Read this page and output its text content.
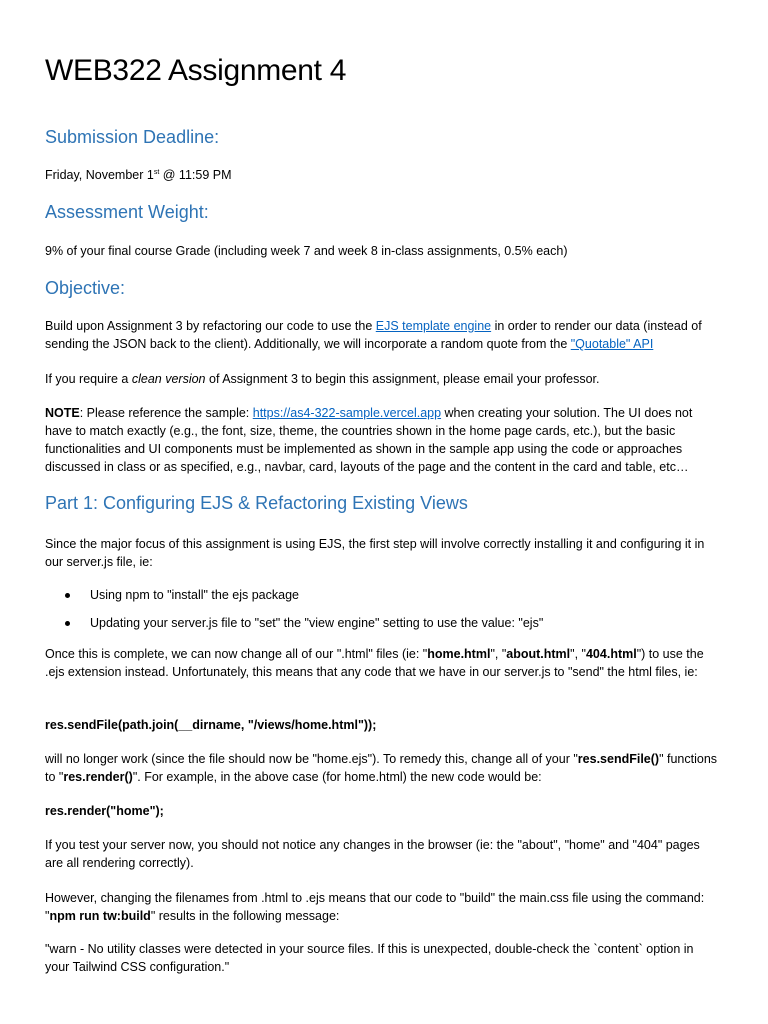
WEB322 Assignment 4
Submission Deadline:

Friday, November 1st @ 11:59 PM

Assessment Weight:

9% of your final course Grade (including week 7 and week 8 in-class assignments, 0.5% each)

Objective:

Build upon Assignment 3 by refactoring our code to use the EJS template engine in order to render our data (instead of sending the JSON back to the client). Additionally, we will incorporate a random quote from the "Quotable" API

If you require a clean version of Assignment 3 to begin this assignment, please email your professor.

NOTE: Please reference the sample: https://as4-322-sample.vercel.app when creating your solution. The UI does not have to match exactly (e.g., the font, size, theme, the countries shown in the home page cards, etc.), but the basic functionalities and UI components must be implemented as shown in the sample app using the code or approaches discussed in class or as specified, e.g., navbar, card, layouts of the page and the content in the card and table, etc…

Part 1: Configuring EJS & Refactoring Existing Views

Since the major focus of this assignment is using EJS, the first step will involve correctly installing it and configuring it in our server.js file, ie:

Using npm to "install" the ejs package
Updating your server.js file to "set" the "view engine" setting to use the value: "ejs"

Once this is complete, we can now change all of our ".html" files (ie: "home.html", "about.html", "404.html") to use the .ejs extension instead. Unfortunately, this means that any code that we have in our server.js to "send" the html files, ie:

res.sendFile(path.join(__dirname, "/views/home.html"));

will no longer work (since the file should now be "home.ejs"). To remedy this, change all of your "res.sendFile()" functions to "res.render()". For example, in the above case (for home.html) the new code would be:

res.render("home");

If you test your server now, you should not notice any changes in the browser (ie: the "about", "home" and "404" pages are all rendering correctly).

However, changing the filenames from .html to .ejs means that our code to "build" the main.css file using the command: "npm run tw:build" results in the following message:

"warn - No utility classes were detected in your source files. If this is unexpected, double-check the `content` option in your Tailwind CSS configuration."
